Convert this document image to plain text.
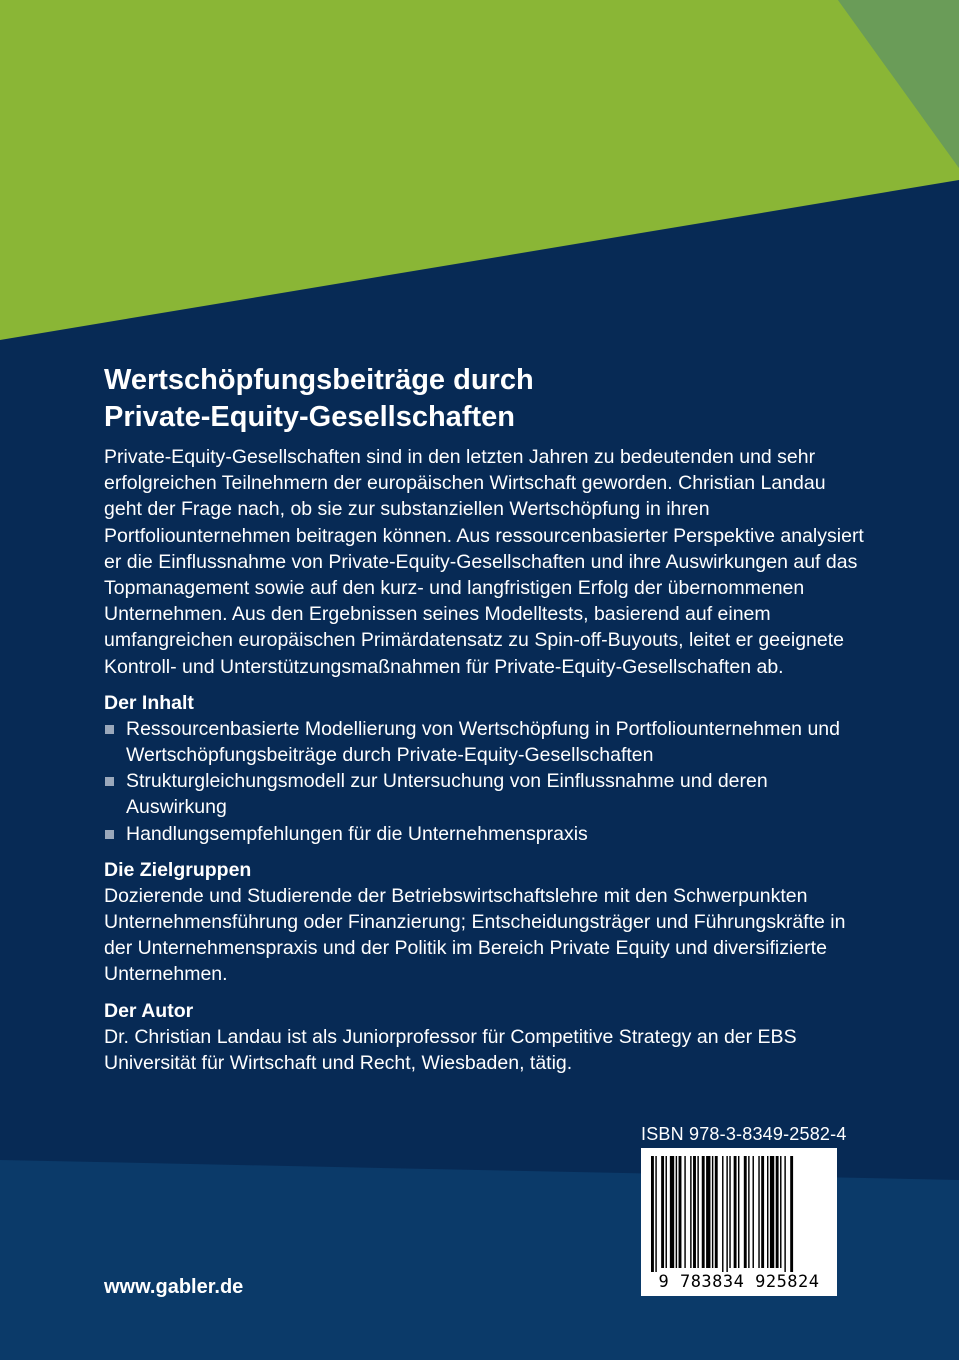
Wertschöpfungsbeiträge durch
Private-Equity-Gesellschaften

Private-Equity-Gesellschaften sind in den letzten Jahren zu bedeutenden und sehr erfolgreichen Teilnehmern der europäischen Wirtschaft geworden. Christian Landau geht der Frage nach, ob sie zur substanziellen Wertschöpfung in ihren Portfoliounternehmen beitragen können. Aus ressourcenbasierter Perspektive analysiert er die Einflussnahme von Private-Equity-Gesellschaften und ihre Auswirkungen auf das Topmanagement sowie auf den kurz- und langfristigen Erfolg der übernommenen Unternehmen. Aus den Ergebnissen seines Modelltests, basierend auf einem umfangreichen europäischen Primärdatensatz zu Spin-off-Buyouts, leitet er geeignete Kontroll- und Unterstützungsmaßnahmen für Private-Equity-Gesellschaften ab.

Der Inhalt
Ressourcenbasierte Modellierung von Wertschöpfung in Portfoliounternehmen und Wertschöpfungsbeiträge durch Private-Equity-Gesellschaften
Strukturgleichungsmodell zur Untersuchung von Einflussnahme und deren Auswirkung
Handlungsempfehlungen für die Unternehmenspraxis
Die Zielgruppen

Dozierende und Studierende der Betriebswirtschaftslehre mit den Schwerpunkten Unternehmensführung oder Finanzierung; Entscheidungsträger und Führungskräfte in der Unternehmenspraxis und der Politik im Bereich Private Equity und diversifizierte Unternehmen.

Der Autor

Dr. Christian Landau ist als Juniorprofessor für Competitive Strategy an der EBS Universität für Wirtschaft und Recht, Wiesbaden, tätig.

ISBN 978-3-8349-2582-4
9 783834 925824
www.gabler.de
